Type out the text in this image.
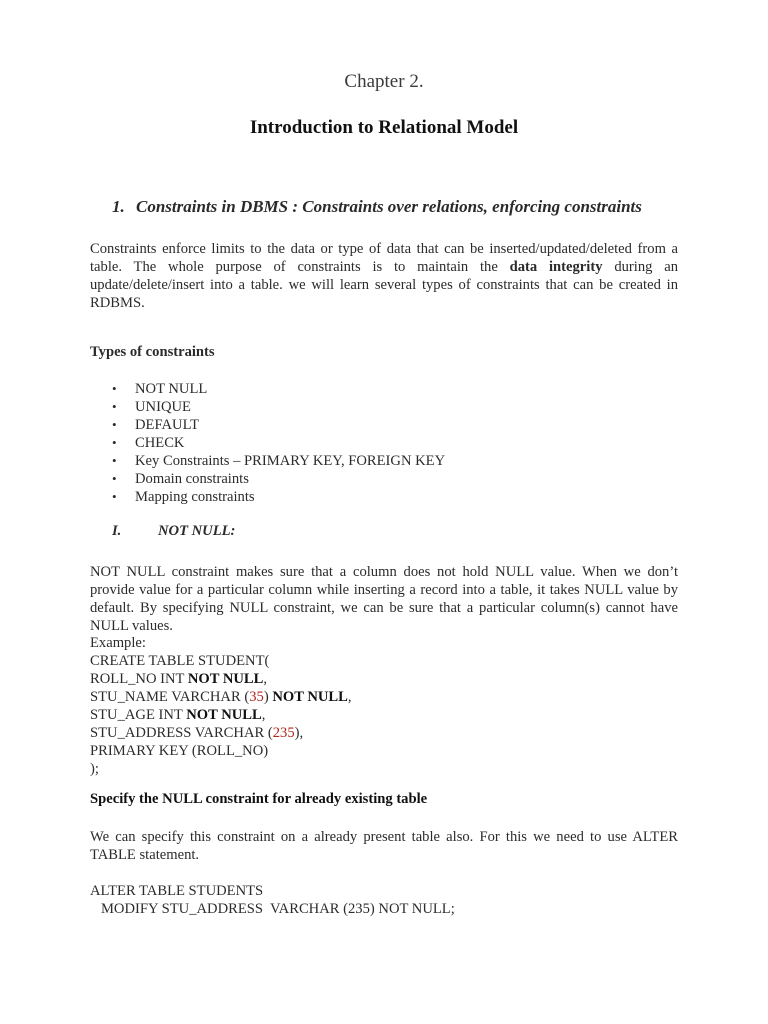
Chapter 2.
Introduction to Relational Model
1. Constraints in DBMS : Constraints over relations, enforcing constraints
Constraints enforce limits to the data or type of data that can be inserted/updated/deleted from a table. The whole purpose of constraints is to maintain the data integrity during an update/delete/insert into a table. we will learn several types of constraints that can be created in RDBMS.
Types of constraints
• NOT NULL
• UNIQUE
• DEFAULT
• CHECK
• Key Constraints – PRIMARY KEY, FOREIGN KEY
• Domain constraints
• Mapping constraints
I.	NOT NULL:
NOT NULL constraint makes sure that a column does not hold NULL value. When we don’t provide value for a particular column while inserting a record into a table, it takes NULL value by default. By specifying NULL constraint, we can be sure that a particular column(s) cannot have NULL values.
Example:
CREATE TABLE STUDENT(
ROLL_NO INT NOT NULL,
STU_NAME VARCHAR (35) NOT NULL,
STU_AGE INT NOT NULL,
STU_ADDRESS VARCHAR (235),
PRIMARY KEY (ROLL_NO)
);
Specify the NULL constraint for already existing table
We can specify this constraint on a already present table also. For this we need to use ALTER TABLE statement.
ALTER TABLE STUDENTS
MODIFY STU_ADDRESS  VARCHAR (235) NOT NULL;
